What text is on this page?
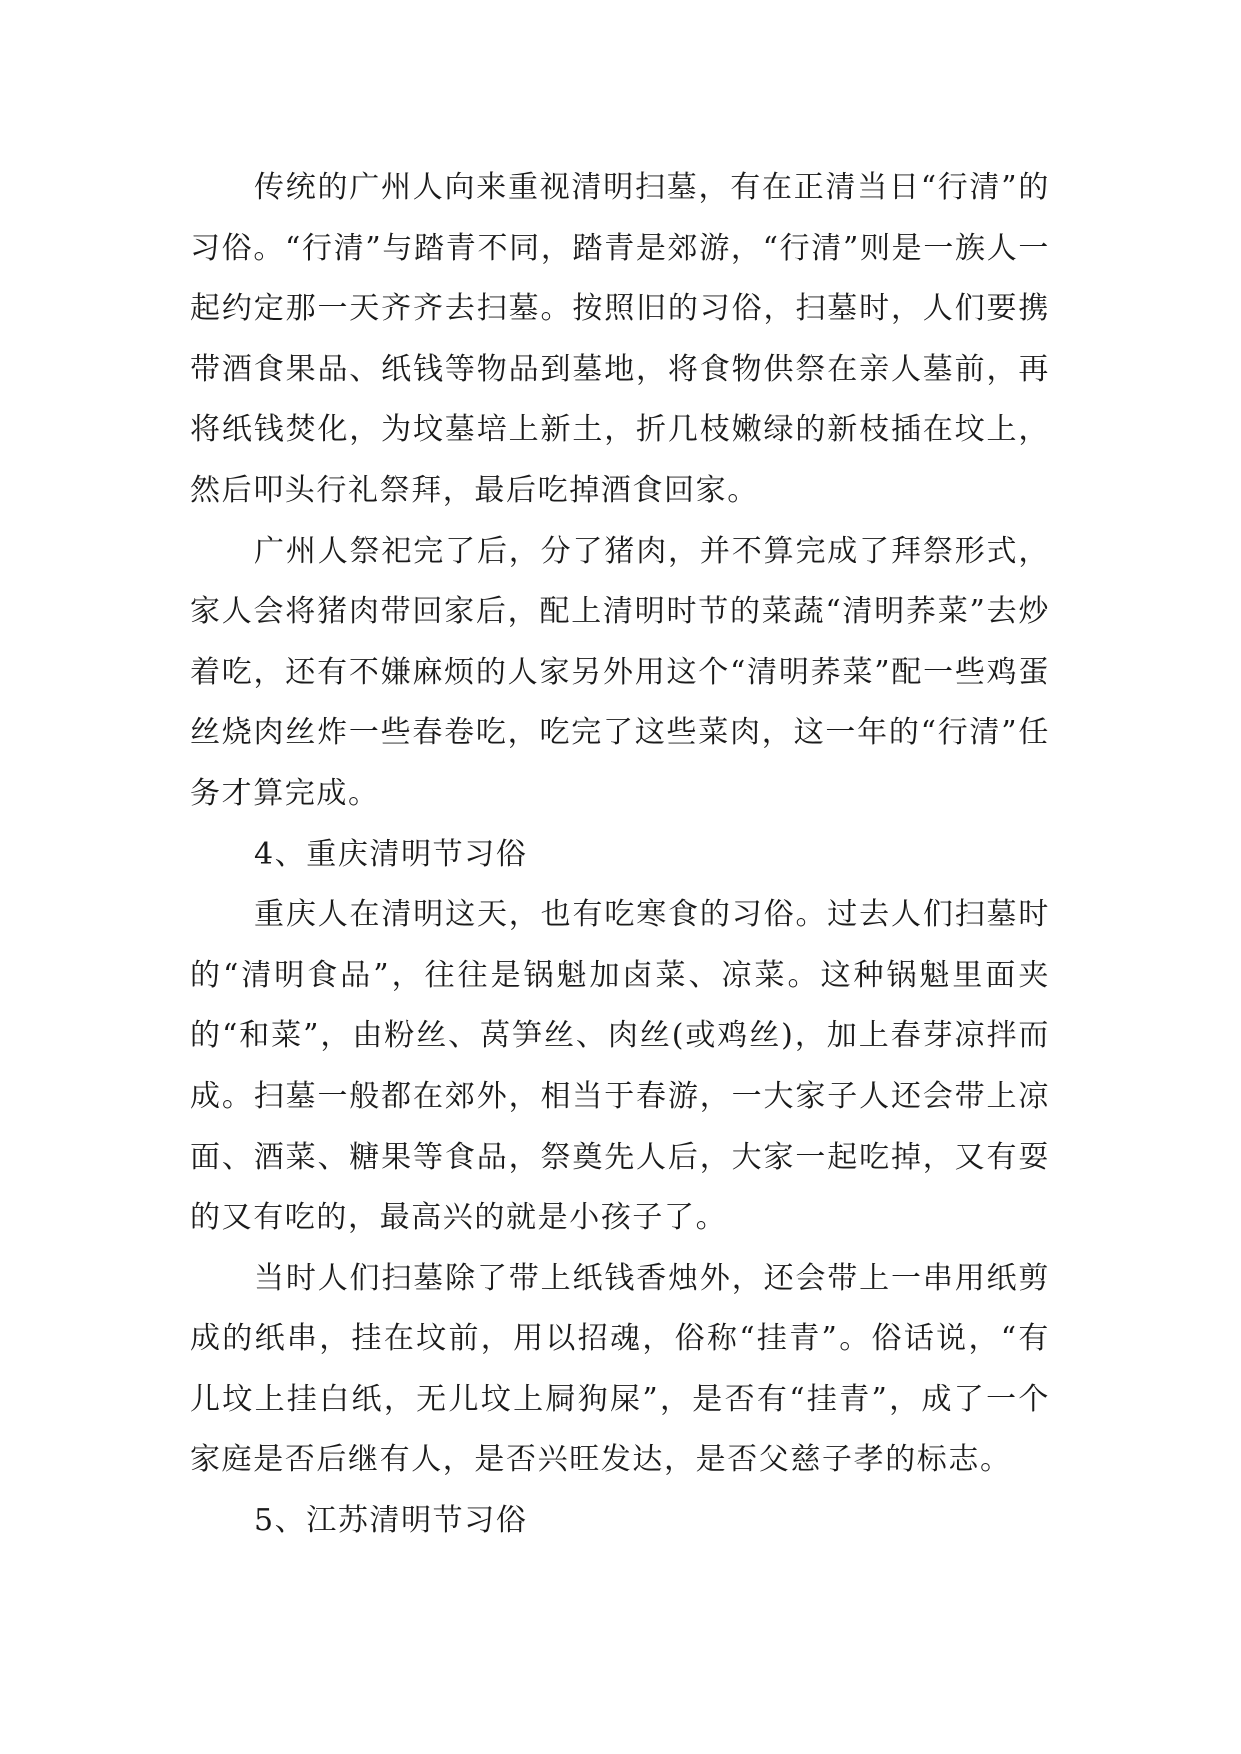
传统的广州人向来重视清明扫墓，有在正清当日“行清”的习俗。“行清”与踏青不同，踏青是郊游，“行清”则是一族人一起约定那一天齐齐去扫墓。按照旧的习俗，扫墓时，人们要携带酒食果品、纸钱等物品到墓地，将食物供祭在亲人墓前，再将纸钱焚化，为坟墓培上新土，折几枝嫩绿的新枝插在坟上，然后叩头行礼祭拜，最后吃掉酒食回家。

广州人祭祀完了后，分了猪肉，并不算完成了拜祭形式，家人会将猪肉带回家后，配上清明时节的菜蔬“清明荞菜”去炒着吃，还有不嫌麻烦的人家另外用这个“清明荞菜”配一些鸡蛋丝烧肉丝炸一些春卷吃，吃完了这些菜肉，这一年的“行清”任务才算完成。

4、重庆清明节习俗

重庆人在清明这天，也有吃寒食的习俗。过去人们扫墓时的“清明食品”，往往是锅魁加卤菜、凉菜。这种锅魁里面夹的“和菜”，由粉丝、莴笋丝、肉丝(或鸡丝)，加上春芽凉拌而成。扫墓一般都在郊外，相当于春游，一大家子人还会带上凉面、酒菜、糖果等食品，祭奠先人后，大家一起吃掉，又有耍的又有吃的，最高兴的就是小孩子了。

当时人们扫墓除了带上纸钱香烛外，还会带上一串用纸剪成的纸串，挂在坟前，用以招魂，俗称“挂青”。俗话说，“有儿坟上挂白纸，无儿坟上屙狗屎”，是否有“挂青”，成了一个家庭是否后继有人，是否兴旺发达，是否父慈子孝的标志。

5、江苏清明节习俗
